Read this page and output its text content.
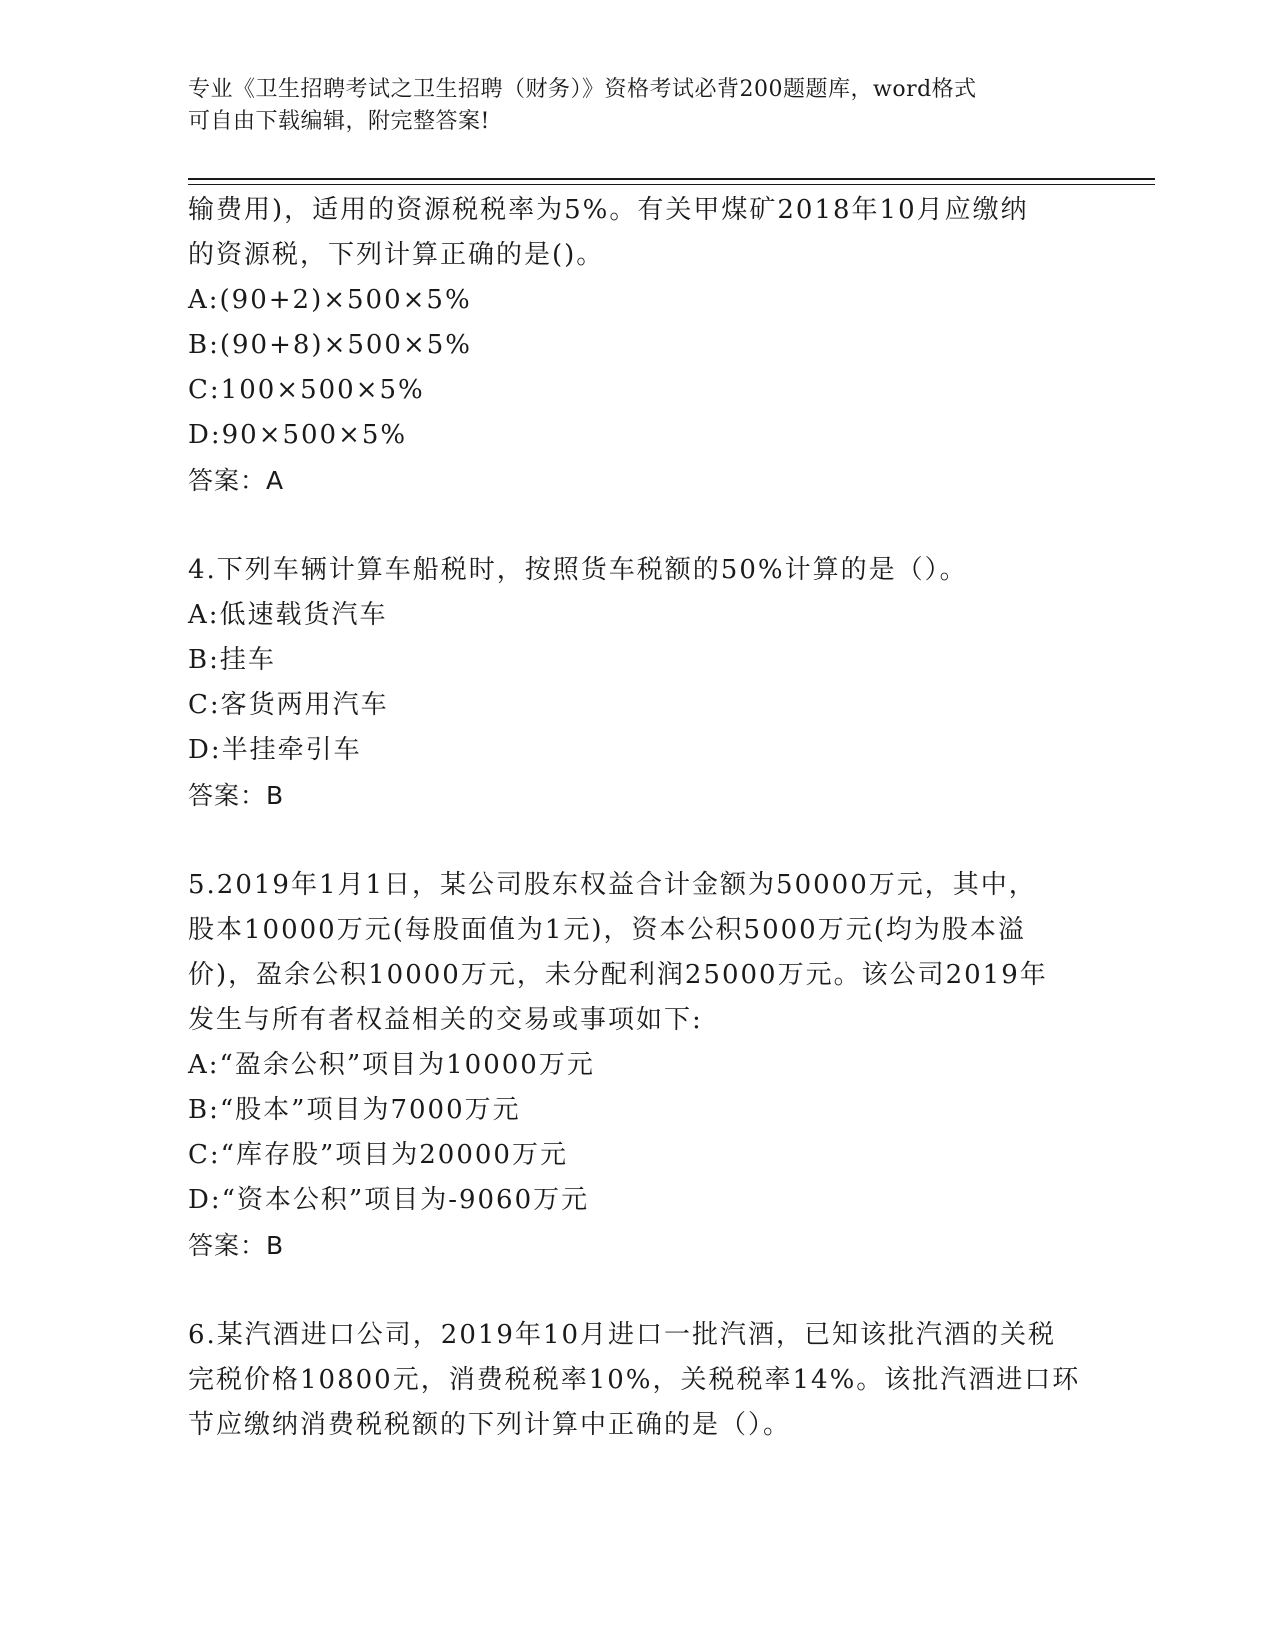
专业《卫生招聘考试之卫生招聘（财务）》资格考试必背200题题库，word格式
可自由下载编辑，附完整答案!

输费用)，适用的资源税税率为5%。有关甲煤矿2018年10月应缴纳

的资源税，下列计算正确的是()。

A:(90+2)×500×5%

B:(90+8)×500×5%

C:100×500×5%

D:90×500×5%

答案：A

4.下列车辆计算车船税时，按照货车税额的50%计算的是（）。

A:低速载货汽车

B:挂车

C:客货两用汽车

D:半挂牵引车

答案：B

5.2019年1月1日，某公司股东权益合计金额为50000万元，其中，

股本10000万元(每股面值为1元)，资本公积5000万元(均为股本溢

价)，盈余公积10000万元，未分配利润25000万元。该公司2019年

发生与所有者权益相关的交易或事项如下:

A:“盈余公积”项目为10000万元

B:“股本”项目为7000万元

C:“库存股”项目为20000万元

D:“资本公积”项目为-9060万元

答案：B

6.某汽酒进口公司，2019年10月进口一批汽酒，已知该批汽酒的关税

完税价格10800元，消费税税率10%，关税税率14%。该批汽酒进口环

节应缴纳消费税税额的下列计算中正确的是（）。
